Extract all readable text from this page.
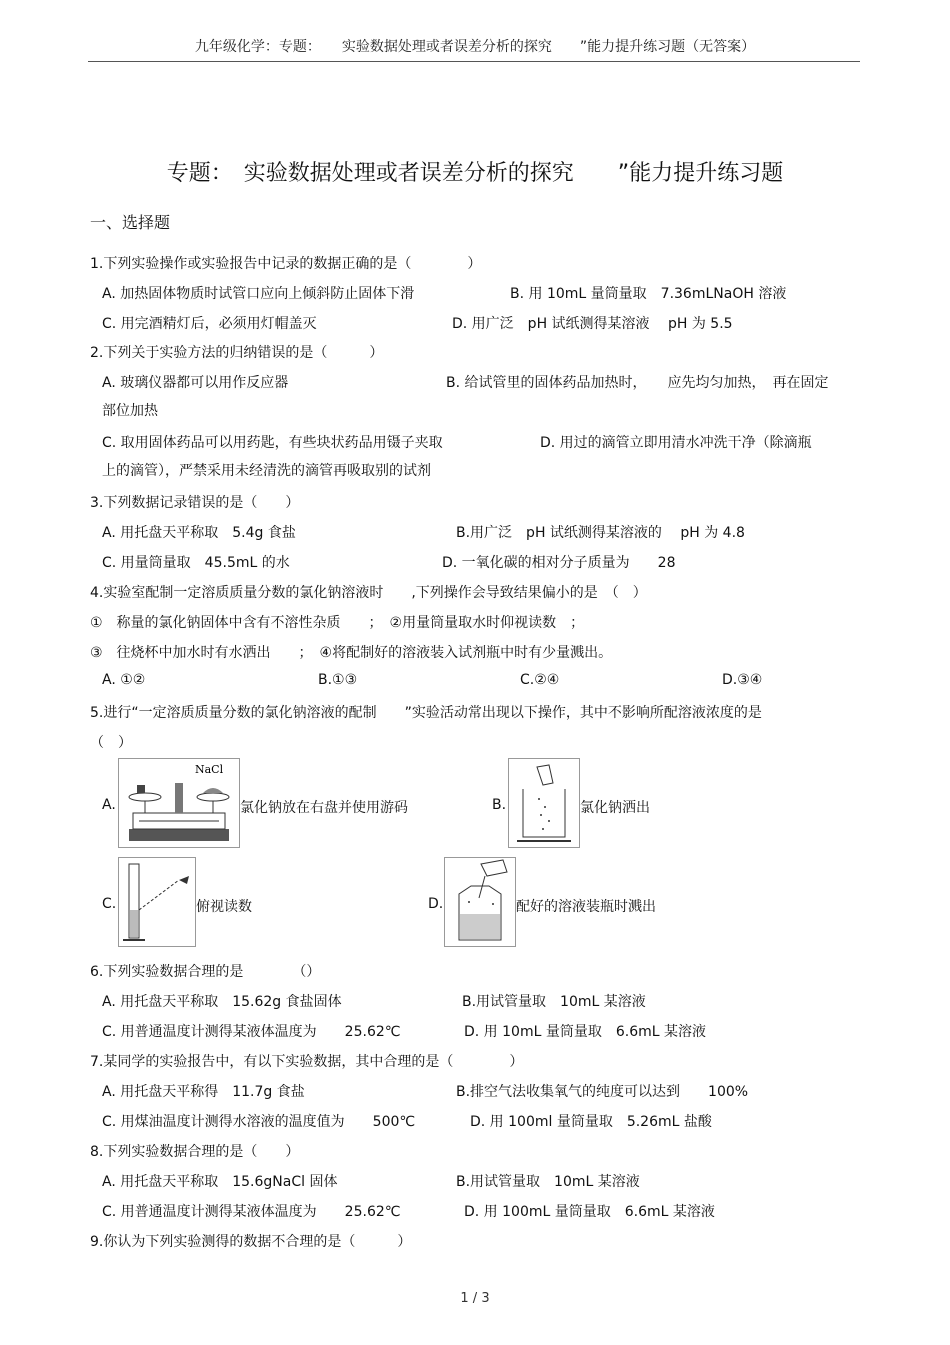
九年级化学：专题：　　实验数据处理或者误差分析的探究　　”能力提升练习题（无答案）
专题：　实验数据处理或者误差分析的探究　　”能力提升练习题
一、选择题
1.下列实验操作或实验报告中记录的数据正确的是（　　　　）
A. 加热固体物质时试管口应向上倾斜防止固体下滑	B. 用 10mL 量筒量取　7.36mLNaOH 溶液
C. 用完酒精灯后，必须用灯帽盖灭	D. 用广泛　pH 试纸测得某溶液　 pH 为 5.5
2.下列关于实验方法的归纳错误的是（　　　）
A. 玻璃仪器都可以用作反应器	B. 给试管里的固体药品加热时，　　应先均匀加热，　再在固定
部位加热
C. 取用固体药品可以用药匙，有些块状药品用镊子夹取	D. 用过的滴管立即用清水冲洗干净（除滴瓶
上的滴管），严禁采用未经清洗的滴管再吸取别的试剂
3.下列数据记录错误的是（　　）
A. 用托盘天平称取　5.4g 食盐	B.用广泛　pH 试纸测得某溶液的　 pH 为 4.8
C. 用量筒量取　45.5mL 的水	D. 一氧化碳的相对分子质量为　　28
4.实验室配制一定溶质质量分数的氯化钠溶液时　　,下列操作会导致结果偏小的是　（　）
①　称量的氯化钠固体中含有不溶性杂质　　；　②用量筒量取水时仰视读数　；
③　往烧杯中加水时有水洒出　　；　④将配制好的溶液装入试剂瓶中时有少量溅出。
A. ①②	B.①③	C.②④	D.③④
5.进行“一定溶质质量分数的氯化钠溶液的配制　　”实验活动常出现以下操作，其中不影响所配溶液浓度的是
（　）
A.
NaCl
氯化钠放在右盘并使用游码	B.	氯化钠洒出
C.	俯视读数	D.	配好的溶液装瓶时溅出
6.下列实验数据合理的是　　　　（）
A. 用托盘天平称取　15.62g 食盐固体	B.用试管量取　10mL 某溶液
C. 用普通温度计测得某液体温度为　　25.62℃	D. 用 10mL 量筒量取　6.6mL 某溶液
7.某同学的实验报告中，有以下实验数据，其中合理的是（　　　　）
A. 用托盘天平称得　11.7g 食盐	B.排空气法收集氧气的纯度可以达到　　100%
C. 用煤油温度计测得水溶液的温度值为　　500℃	D. 用 100ml 量筒量取　5.26mL 盐酸
8.下列实验数据合理的是（　　）
A. 用托盘天平称取　15.6gNaCl 固体	B.用试管量取　10mL 某溶液
C. 用普通温度计测得某液体温度为　　25.62℃	D. 用 100mL 量筒量取　6.6mL 某溶液
9.你认为下列实验测得的数据不合理的是（　　　）
1 / 3
